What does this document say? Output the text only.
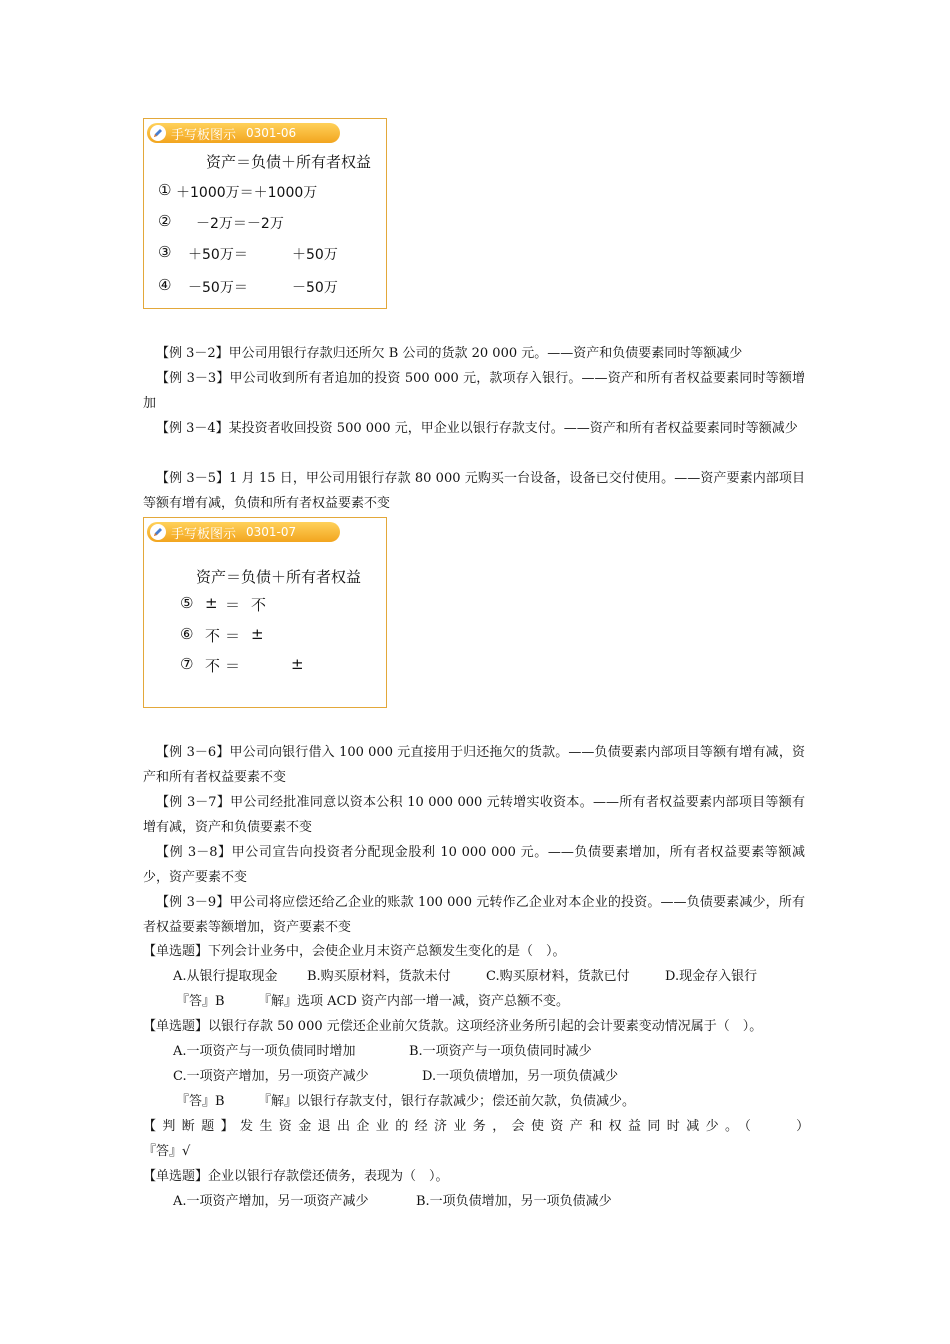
手写板图示 0301-06
资产＝负债＋所有者权益
① ＋1000万＝＋1000万
② －2万＝－2万
③ ＋50万＝	＋50万
④ －50万＝	－50万
【例 3－2】甲公司用银行存款归还所欠 B 公司的货款 20 000 元。——资产和负债要素同时等额减少
【例 3－3】甲公司收到所有者追加的投资 500 000 元，款项存入银行。——资产和所有者权益要素同时等额增加
【例 3－4】某投资者收回投资 500 000 元，甲企业以银行存款支付。——资产和所有者权益要素同时等额减少
【例 3－5】1 月 15 日，甲公司用银行存款 80 000 元购买一台设备，设备已交付使用。——资产要素内部项目等额有增有减，负债和所有者权益要素不变
手写板图示 0301-07
资产＝负债＋所有者权益
⑤ ± ＝ 不
⑥ 不 ＝ ±
⑦ 不 ＝	±
【例 3－6】甲公司向银行借入 100 000 元直接用于归还拖欠的货款。——负债要素内部项目等额有增有减，资产和所有者权益要素不变
【例 3－7】甲公司经批准同意以资本公积 10 000 000 元转增实收资本。——所有者权益要素内部项目等额有增有减，资产和负债要素不变
【例 3－8】甲公司宣告向投资者分配现金股利 10 000 000 元。——负债要素增加，所有者权益要素等额减少，资产要素不变
【例 3－9】甲公司将应偿还给乙企业的账款 100 000 元转作乙企业对本企业的投资。——负债要素减少，所有者权益要素等额增加，资产要素不变
【单选题】下列会计业务中，会使企业月末资产总额发生变化的是（　）。
A.从银行提取现金 B.购买原材料，货款未付	C.购买原材料，货款已付	D.现金存入银行
『答』B	『解』选项 ACD 资产内部一增一减，资产总额不变。
【单选题】以银行存款 50 000 元偿还企业前欠货款。这项经济业务所引起的会计要素变动情况属于（　）。
A.一项资产与一项负债同时增加	B.一项资产与一项负债同时减少
C.一项资产增加，另一项资产减少	D.一项负债增加，另一项负债减少
『答』B	『解』以银行存款支付，银行存款减少；偿还前欠款，负债减少。
【判断题】发生资金退出企业的经济业务，会使资产和权益同时减少。（　　）
『答』√
【单选题】企业以银行存款偿还债务，表现为（　）。
A.一项资产增加，另一项资产减少	B.一项负债增加，另一项负债减少
